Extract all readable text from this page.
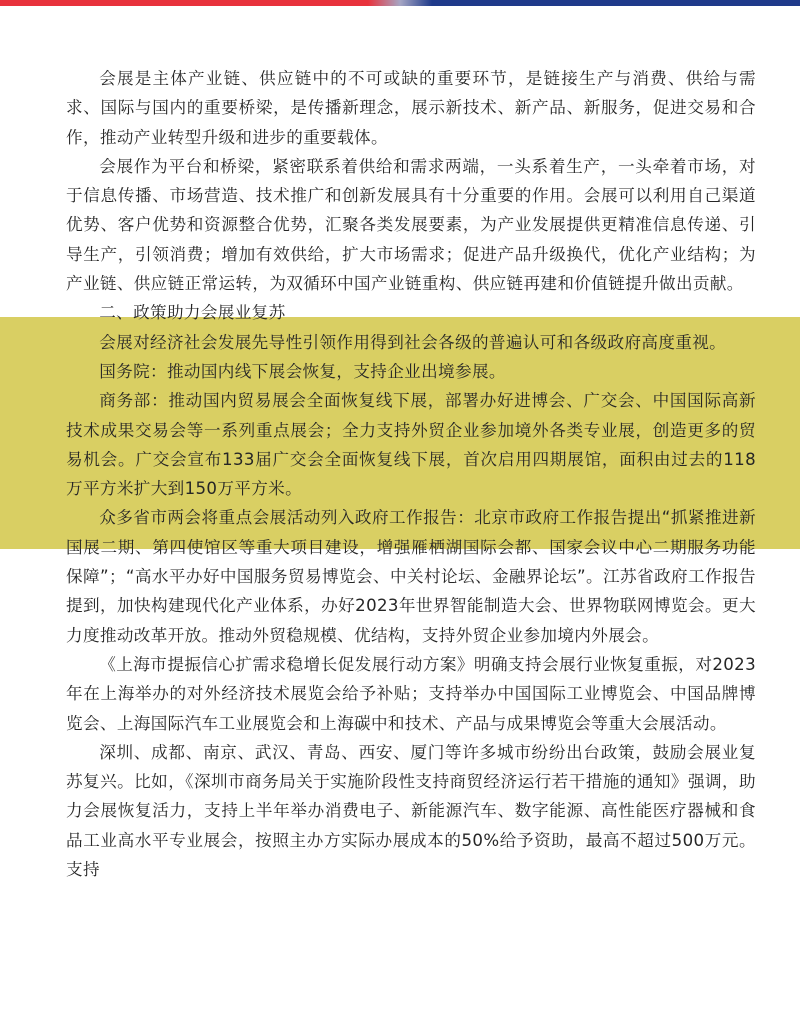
会展是主体产业链、供应链中的不可或缺的重要环节，是链接生产与消费、供给与需求、国际与国内的重要桥梁，是传播新理念，展示新技术、新产品、新服务，促进交易和合作，推动产业转型升级和进步的重要载体。

会展作为平台和桥梁，紧密联系着供给和需求两端，一头系着生产，一头牵着市场，对于信息传播、市场营造、技术推广和创新发展具有十分重要的作用。会展可以利用自己渠道优势、客户优势和资源整合优势，汇聚各类发展要素，为产业发展提供更精准信息传递、引导生产，引领消费；增加有效供给，扩大市场需求；促进产品升级换代，优化产业结构；为产业链、供应链正常运转，为双循环中国产业链重构、供应链再建和价值链提升做出贡献。

二、政策助力会展业复苏

会展对经济社会发展先导性引领作用得到社会各级的普遍认可和各级政府高度重视。

国务院：推动国内线下展会恢复，支持企业出境参展。

商务部：推动国内贸易展会全面恢复线下展，部署办好进博会、广交会、中国国际高新技术成果交易会等一系列重点展会；全力支持外贸企业参加境外各类专业展，创造更多的贸易机会。广交会宣布133届广交会全面恢复线下展，首次启用四期展馆，面积由过去的118万平方米扩大到150万平方米。

众多省市两会将重点会展活动列入政府工作报告：北京市政府工作报告提出“抓紧推进新国展二期、第四使馆区等重大项目建设，增强雁栖湖国际会都、国家会议中心二期服务功能保障”；“高水平办好中国服务贸易博览会、中关村论坛、金融界论坛”。江苏省政府工作报告提到，加快构建现代化产业体系，办好2023年世界智能制造大会、世界物联网博览会。更大力度推动改革开放。推动外贸稳规模、优结构，支持外贸企业参加境内外展会。

《上海市提振信心扩需求稳增长促发展行动方案》明确支持会展行业恢复重振，对2023年在上海举办的对外经济技术展览会给予补贴；支持举办中国国际工业博览会、中国品牌博览会、上海国际汽车工业展览会和上海碳中和技术、产品与成果博览会等重大会展活动。

深圳、成都、南京、武汉、青岛、西安、厦门等许多城市纷纷出台政策，鼓励会展业复苏复兴。比如，《深圳市商务局关于实施阶段性支持商贸经济运行若干措施的通知》强调，助力会展恢复活力，支持上半年举办消费电子、新能源汽车、数字能源、高性能医疗器械和食品工业高水平专业展会，按照主办方实际办展成本的50%给予资助，最高不超过500万元。支持
